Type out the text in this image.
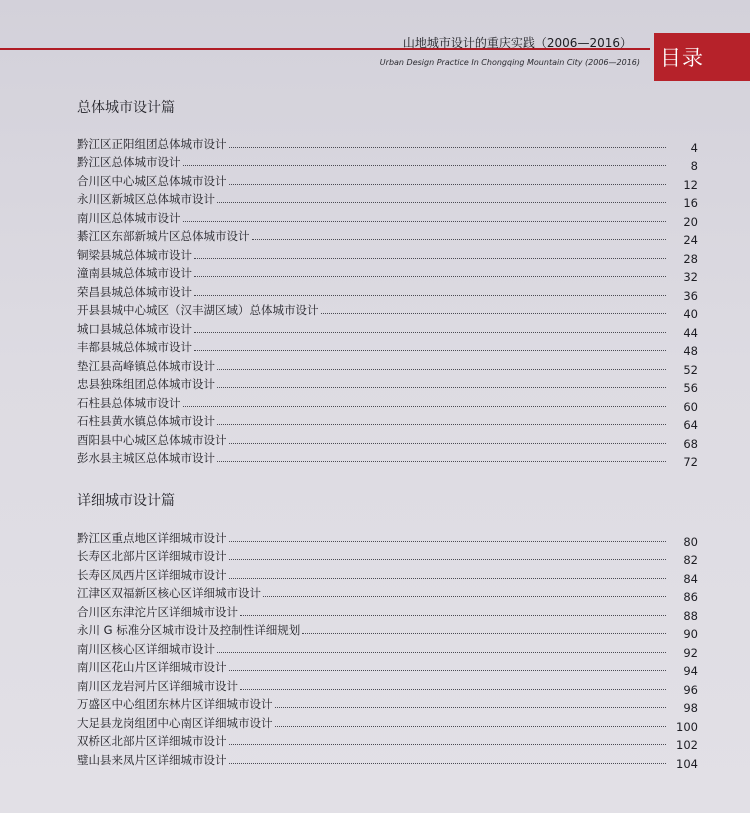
山地城市设计的重庆实践（2006—2016）
Urban Design Practice In Chongqing Mountain City (2006—2016) 目录
总体城市设计篇
黔江区正阳组团总体城市设计	4
黔江区总体城市设计	8
合川区中心城区总体城市设计	12
永川区新城区总体城市设计	16
南川区总体城市设计	20
綦江区东部新城片区总体城市设计	24
铜梁县城总体城市设计	28
潼南县城总体城市设计	32
荣昌县城总体城市设计	36
开县县城中心城区（汉丰湖区域）总体城市设计	40
城口县城总体城市设计	44
丰都县城总体城市设计	48
垫江县高峰镇总体城市设计	52
忠县独珠组团总体城市设计	56
石柱县总体城市设计	60
石柱县黄水镇总体城市设计	64
酉阳县中心城区总体城市设计	68
彭水县主城区总体城市设计	72
详细城市设计篇
黔江区重点地区详细城市设计	80
长寿区北部片区详细城市设计	82
长寿区凤西片区详细城市设计	84
江津区双福新区核心区详细城市设计	86
合川区东津沱片区详细城市设计	88
永川 G 标准分区城市设计及控制性详细规划	90
南川区核心区详细城市设计	92
南川区花山片区详细城市设计	94
南川区龙岩河片区详细城市设计	96
万盛区中心组团东林片区详细城市设计	98
大足县龙岗组团中心南区详细城市设计	100
双桥区北部片区详细城市设计	102
璧山县来凤片区详细城市设计	104
